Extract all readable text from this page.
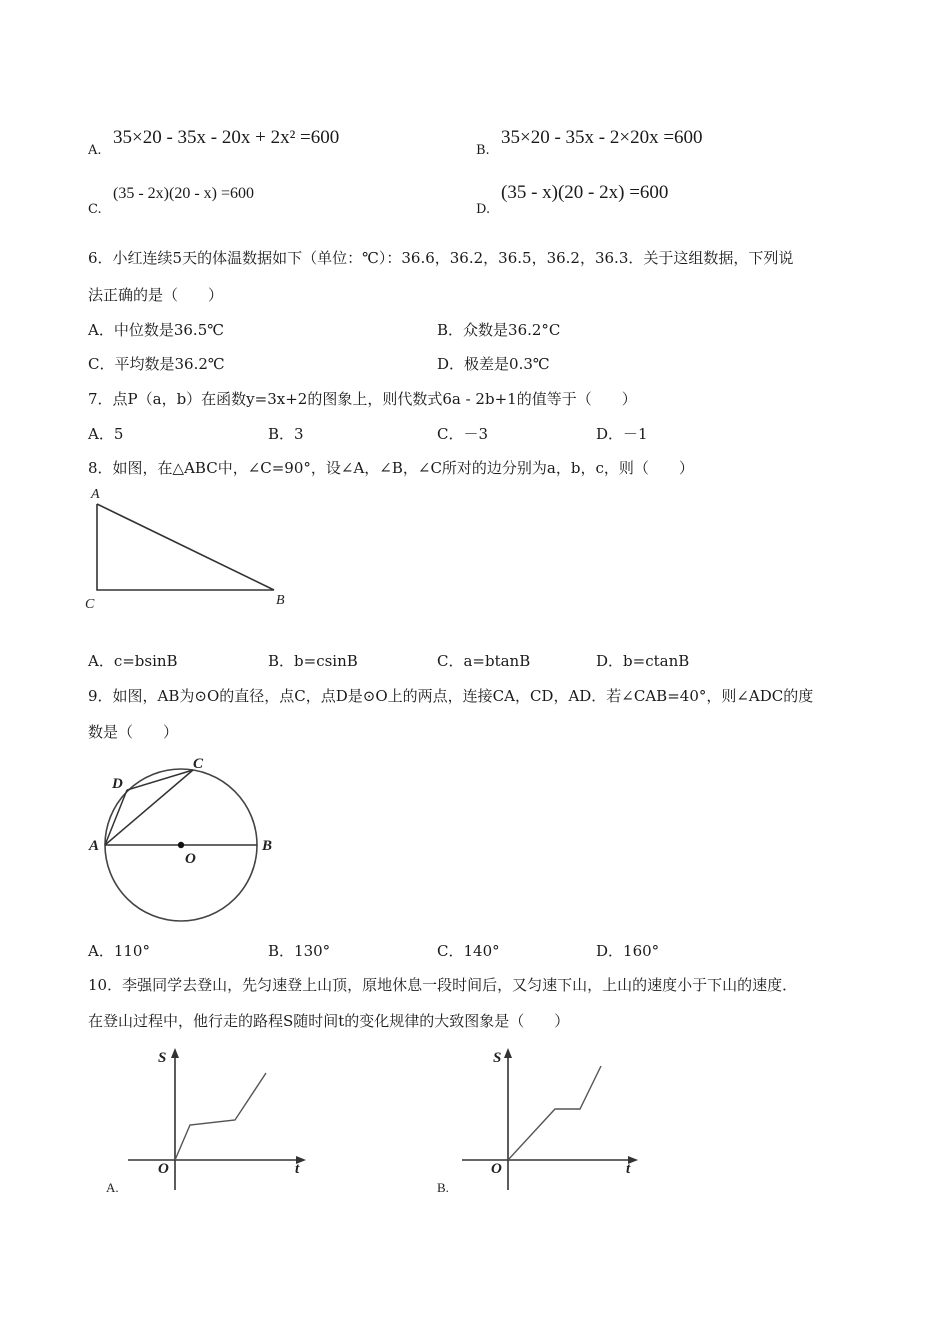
A.
35×20 - 35x - 20x + 2x² =600
B.
35×20 - 35x - 2×20x =600
C.
(35 - 2x)(20 - x) =600
D.
(35 - x)(20 - 2x) =600
6．小红连续5天的体温数据如下（单位：℃）：36.6，36.2，36.5，36.2，36.3．关于这组数据，下列说
法正确的是（　　）
A．中位数是36.5℃	B．众数是36.2°C
C．平均数是36.2℃	D．极差是0.3℃
7．点P（a，b）在函数y=3x+2的图象上，则代数式6a - 2b+1的值等于（　　）
A．5	B．3	C．－3	D．－1
8．如图，在△ABC中，∠C=90°，设∠A，∠B，∠C所对的边分别为a，b，c，则（　　）
A
C	B
A．c=bsinB	B．b=csinB	C．a=btanB	D．b=ctanB
9．如图，AB为⊙O的直径，点C，点D是⊙O上的两点，连接CA，CD，AD．若∠CAB=40°，则∠ADC的度
数是（　　）
A	B
C
D
O
A．110°	B．130°	C．140°	D．160°
10．李强同学去登山，先匀速登上山顶，原地休息一段时间后，又匀速下山，上山的速度小于下山的速度．
在登山过程中，他行走的路程S随时间t的变化规律的大致图象是（　　）
S
t
O
A.
S
t
O
B.
